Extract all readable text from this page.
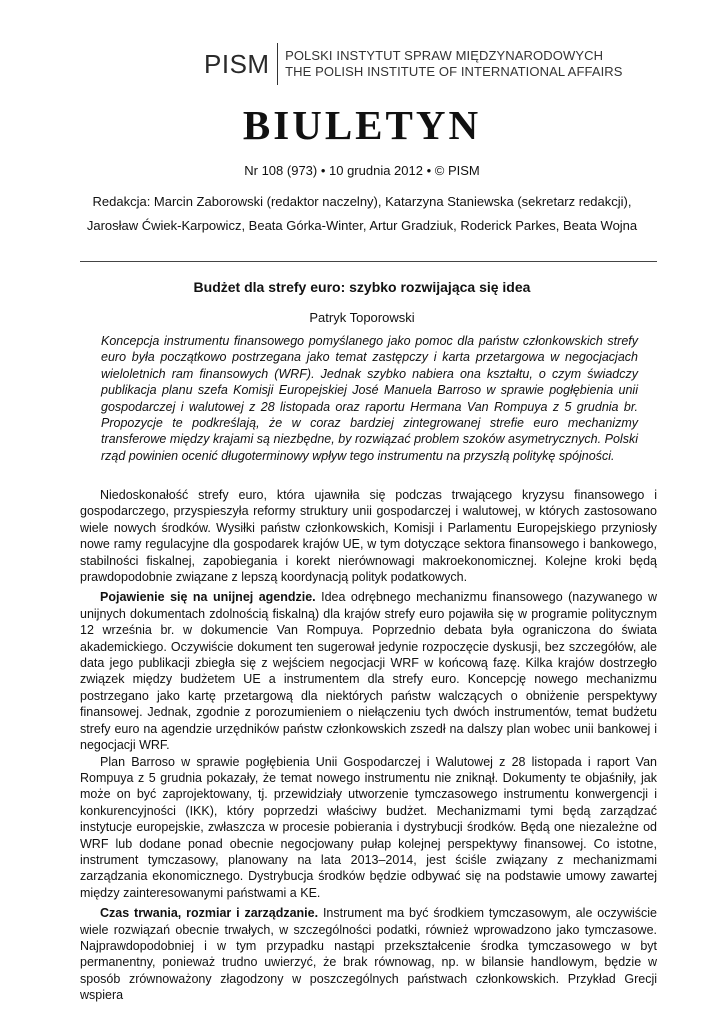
PISM POLSKI INSTYTUT SPRAW MIĘDZYNARODOWYCH
THE POLISH INSTITUTE OF INTERNATIONAL AFFAIRS
BIULETYN
Nr 108 (973) • 10 grudnia 2012 • © PISM
Redakcja: Marcin Zaborowski (redaktor naczelny), Katarzyna Staniewska (sekretarz redakcji),
Jarosław Ćwiek-Karpowicz, Beata Górka-Winter, Artur Gradziuk, Roderick Parkes, Beata Wojna
Budżet dla strefy euro: szybko rozwijająca się idea
Patryk Toporowski
Koncepcja instrumentu finansowego pomyślanego jako pomoc dla państw członkowskich strefy euro była początkowo postrzegana jako temat zastępczy i karta przetargowa w negocjacjach wieloletnich ram finansowych (WRF). Jednak szybko nabiera ona kształtu, o czym świadczy publikacja planu szefa Komisji Europejskiej José Manuela Barroso w sprawie pogłębienia unii gospodarczej i walutowej z 28 listopada oraz raportu Hermana Van Rompuya z 5 grudnia br. Propozycje te podkreślają, że w coraz bardziej zintegrowanej strefie euro mechanizmy transferowe między krajami są niezbędne, by rozwiązać problem szoków asymetrycznych. Polski rząd powinien ocenić długoterminowy wpływ tego instrumentu na przyszłą politykę spójności.

Niedoskonałość strefy euro, która ujawniła się podczas trwającego kryzysu finansowego i gospodarczego, przyspieszyła reformy struktury unii gospodarczej i walutowej, w których zastosowano wiele nowych środków. Wysiłki państw członkowskich, Komisji i Parlamentu Europejskiego przyniosły nowe ramy regulacyjne dla gospodarek krajów UE, w tym dotyczące sektora finansowego i bankowego, stabilności fiskalnej, zapobiegania i korekt nierównowagi makroekonomicznej. Kolejne kroki będą prawdopodobnie związane z lepszą koordynacją polityk podatkowych.

Pojawienie się na unijnej agendzie. Idea odrębnego mechanizmu finansowego (nazywanego w unijnych dokumentach zdolnością fiskalną) dla krajów strefy euro pojawiła się w programie politycznym 12 września br. w dokumencie Van Rompuya. Poprzednio debata była ograniczona do świata akademickiego. Oczywiście dokument ten sugerował jedynie rozpoczęcie dyskusji, bez szczegółów, ale data jego publikacji zbiegła się z wejściem negocjacji WRF w końcową fazę. Kilka krajów dostrzegło związek między budżetem UE a instrumentem dla strefy euro. Koncepcję nowego mechanizmu postrzegano jako kartę przetargową dla niektórych państw walczących o obniżenie perspektywy finansowej. Jednak, zgodnie z porozumieniem o niełączeniu tych dwóch instrumentów, temat budżetu strefy euro na agendzie urzędników państw członkowskich zszedł na dalszy plan wobec unii bankowej i negocjacji WRF.

Plan Barroso w sprawie pogłębienia Unii Gospodarczej i Walutowej z 28 listopada i raport Van Rompuya z 5 grudnia pokazały, że temat nowego instrumentu nie zniknął. Dokumenty te objaśniły, jak może on być zaprojektowany, tj. przewidziały utworzenie tymczasowego instrumentu konwergencji i konkurencyjności (IKK), który poprzedzi właściwy budżet. Mechanizmami tymi będą zarządzać instytucje europejskie, zwłaszcza w procesie pobierania i dystrybucji środków. Będą one niezależne od WRF lub dodane ponad obecnie negocjowany pułap kolejnej perspektywy finansowej. Co istotne, instrument tymczasowy, planowany na lata 2013–2014, jest ściśle związany z mechanizmami zarządzania ekonomicznego. Dystrybucja środków będzie odbywać się na podstawie umowy zawartej między zainteresowanymi państwami a KE.

Czas trwania, rozmiar i zarządzanie. Instrument ma być środkiem tymczasowym, ale oczywiście wiele rozwiązań obecnie trwałych, w szczególności podatki, również wprowadzono jako tymczasowe. Najprawdopodobniej i w tym przypadku nastąpi przekształcenie środka tymczasowego w byt permanentny, ponieważ trudno uwierzyć, że brak równowag, np. w bilansie handlowym, będzie w sposób zrównoważony złagodzony w poszczególnych państwach członkowskich. Przykład Grecji wspiera
